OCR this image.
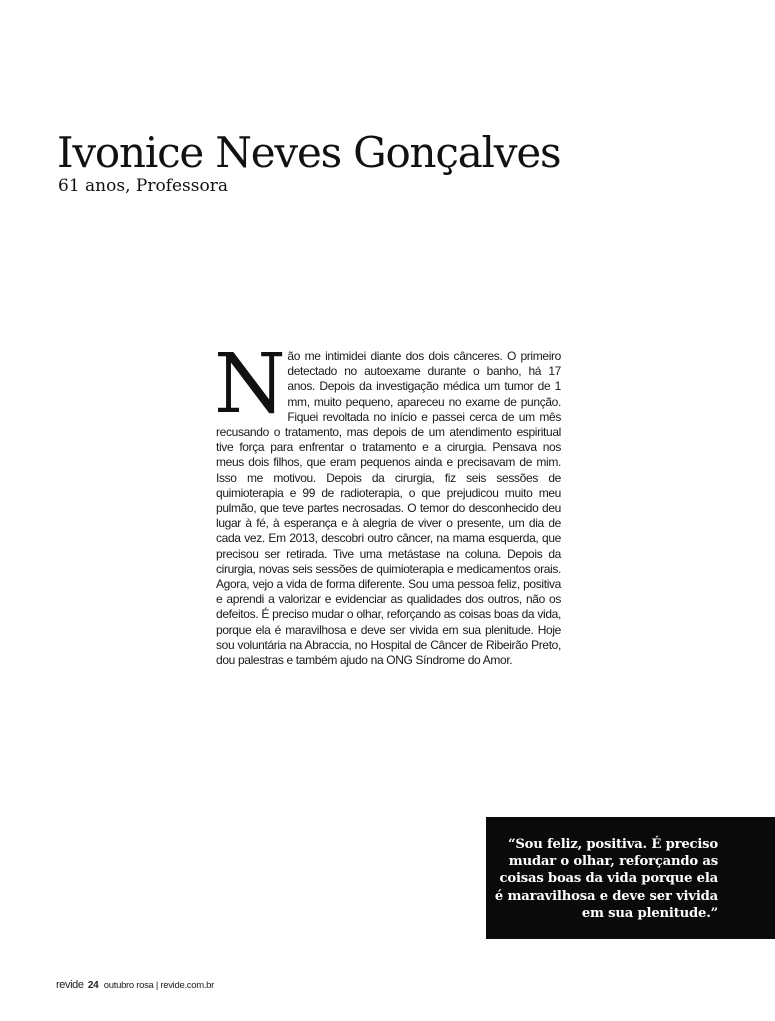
Ivonice Neves Gonçalves
61 anos, Professora
N ão me intimidei diante dos dois cânceres. O primeiro detectado no autoexame durante o banho, há 17 anos. Depois da investigação médica um tumor de 1 mm, muito pequeno, apareceu no exame de punção. Fiquei revoltada no início e passei cerca de um mês recusando o tratamento, mas depois de um atendimento espiritual tive força para enfrentar o tratamento e a cirurgia. Pensava nos meus dois filhos, que eram pequenos ainda e precisavam de mim. Isso me motivou. Depois da cirurgia, fiz seis sessões de quimioterapia e 99 de radioterapia, o que prejudicou muito meu pulmão, que teve partes necrosadas. O temor do desconhecido deu lugar à fé, à esperança e à alegria de viver o presente, um dia de cada vez. Em 2013, descobri outro câncer, na mama esquerda, que precisou ser retirada. Tive uma metástase na coluna. Depois da cirurgia, novas seis sessões de quimioterapia e medicamentos orais. Agora, vejo a vida de forma diferente. Sou uma pessoa feliz, positiva e aprendi a valorizar e evidenciar as qualidades dos outros, não os defeitos. É preciso mudar o olhar, reforçando as coisas boas da vida, porque ela é maravilhosa e deve ser vivida em sua plenitude. Hoje sou voluntária na Abraccia, no Hospital de Câncer de Ribeirão Preto, dou palestras e também ajudo na ONG Síndrome do Amor.

“Sou feliz, positiva. É preciso mudar o olhar, reforçando as coisas boas da vida porque ela é maravilhosa e deve ser vivida em sua plenitude.”

revide 24 outubro rosa | revide.com.br
